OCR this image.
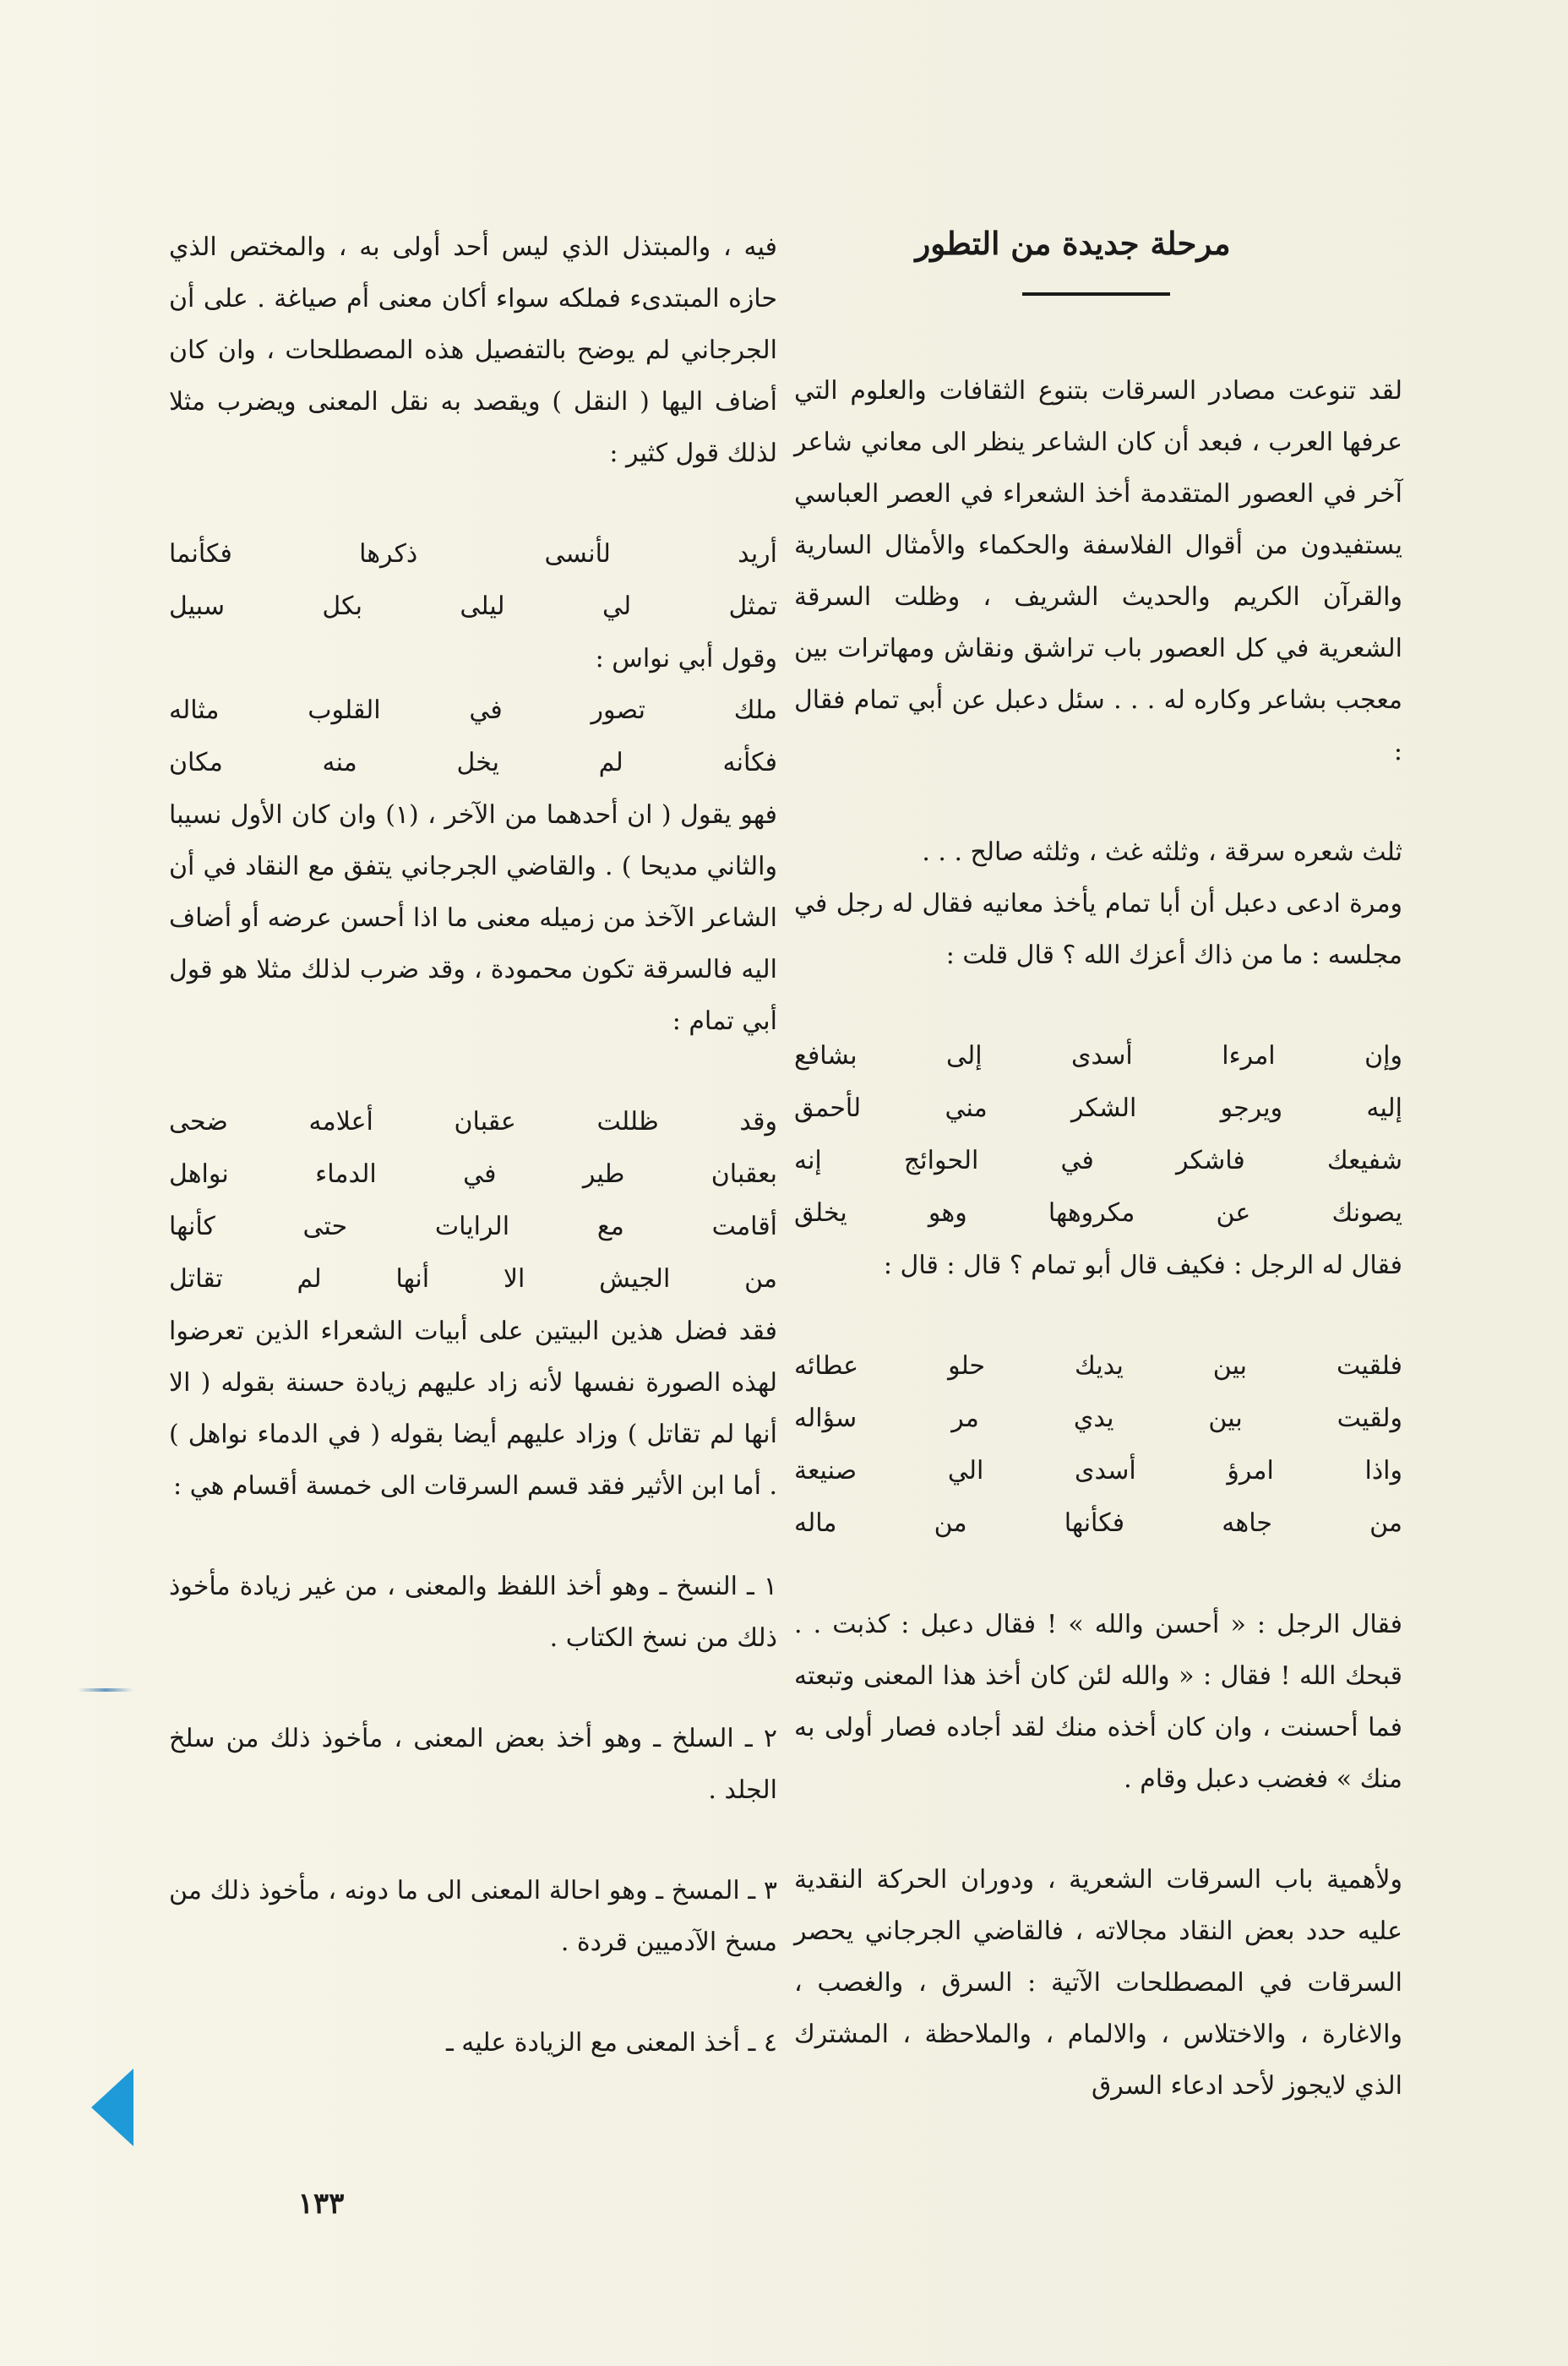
مرحلة جديدة من التطور

لقد تنوعت مصادر السرقات بتنوع الثقافات والعلوم التي عرفها العرب ، فبعد أن كان الشاعر ينظر الى معاني شاعر آخر في العصور المتقدمة أخذ الشعراء في العصر العباسي يستفيدون من أقوال الفلاسفة والحكماء والأمثال السارية والقرآن الكريم والحديث الشريف ، وظلت السرقة الشعرية في كل العصور باب تراشق ونقاش ومهاترات بين معجب بشاعر وكاره له . . . سئل دعبل عن أبي تمام فقال :

ثلث شعره سرقة ، وثلثه غث ، وثلثه صالح . . .

ومرة ادعى دعبل أن أبا تمام يأخذ معانيه فقال له رجل في مجلسه : ما من ذاك أعزك الله ؟ قال قلت :

وإن امرءا أسدى إلى بشافع

إليه ويرجو الشكر مني لأحمق

شفيعك فاشكر في الحوائج إنه

يصونك عن مكروهها وهو يخلق

فقال له الرجل : فكيف قال أبو تمام ؟ قال : قال :

فلقيت بين يديك حلو عطائه

ولقيت بين يدي مر سؤاله

واذا امرؤ أسدى الي صنيعة

من جاهه فكأنها من ماله

فقال الرجل : « أحسن والله » ! فقال دعبل : كذبت . . قبحك الله ! فقال : « والله لئن كان أخذ هذا المعنى وتبعته فما أحسنت ، وان كان أخذه منك لقد أجاده فصار أولى به منك » فغضب دعبل وقام .

ولأهمية باب السرقات الشعرية ، ودوران الحركة النقدية عليه حدد بعض النقاد مجالاته ، فالقاضي الجرجاني يحصر السرقات في المصطلحات الآتية : السرق ، والغصب ، والاغارة ، والاختلاس ، والالمام ، والملاحظة ، المشترك الذي لايجوز لأحد ادعاء السرق

فيه ، والمبتذل الذي ليس أحد أولى به ، والمختص الذي حازه المبتدىء فملكه سواء أكان معنى أم صياغة . على أن الجرجاني لم يوضح بالتفصيل هذه المصطلحات ، وان كان أضاف اليها ( النقل ) ويقصد به نقل المعنى ويضرب مثلا لذلك قول كثير :

أريد لأنسى ذكرها فكأنما

تمثل لي ليلى بكل سبيل

وقول أبي نواس :

ملك تصور في القلوب مثاله

فكأنه لم يخل منه مكان

فهو يقول ( ان أحدهما من الآخر ، (١) وان كان الأول نسيبا والثاني مديحا ) . والقاضي الجرجاني يتفق مع النقاد في أن الشاعر الآخذ من زميله معنى ما اذا أحسن عرضه أو أضاف اليه فالسرقة تكون محمودة ، وقد ضرب لذلك مثلا هو قول أبي تمام :

وقد ظللت عقبان أعلامه ضحى

بعقبان طير في الدماء نواهل

أقامت مع الرايات حتى كأنها

من الجيش الا أنها لم تقاتل

فقد فضل هذين البيتين على أبيات الشعراء الذين تعرضوا لهذه الصورة نفسها لأنه زاد عليهم زيادة حسنة بقوله ( الا أنها لم تقاتل ) وزاد عليهم أيضا بقوله ( في الدماء نواهل ) . أما ابن الأثير فقد قسم السرقات الى خمسة أقسام هي :

١ ـ النسخ ـ وهو أخذ اللفظ والمعنى ، من غير زيادة مأخوذ ذلك من نسخ الكتاب .

٢ ـ السلخ ـ وهو أخذ بعض المعنى ، مأخوذ ذلك من سلخ الجلد .

٣ ـ المسخ ـ وهو احالة المعنى الى ما دونه ، مأخوذ ذلك من مسخ الآدميين قردة .

٤ ـ أخذ المعنى مع الزيادة عليه ـ

١٣٣
